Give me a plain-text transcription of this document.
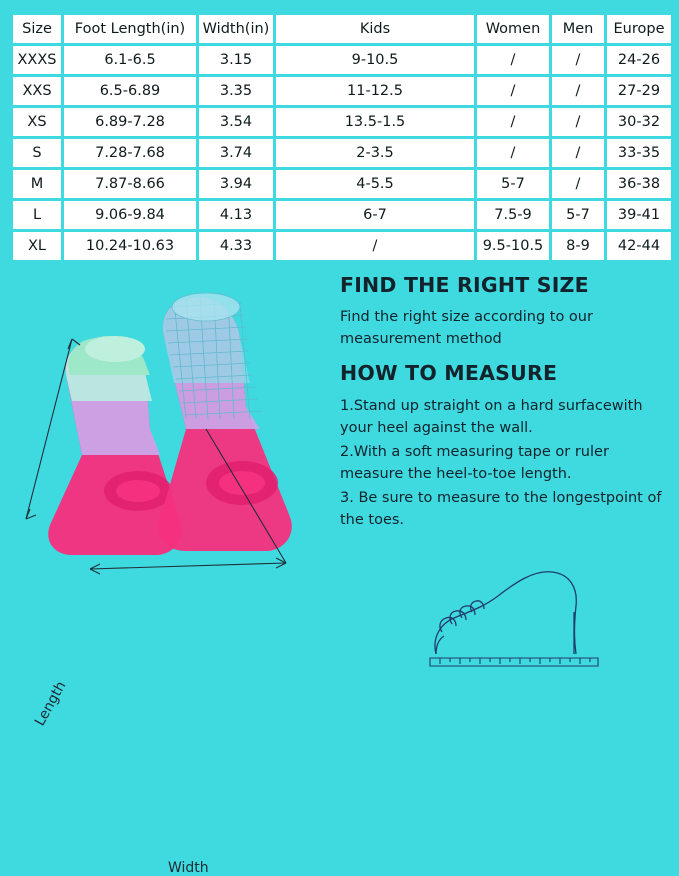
Size	Foot Length(in)	Width(in)	Kids	Women	Men	Europe
XXXS	6.1-6.5	3.15	9-10.5	/	/	24-26
XXS	6.5-6.89	3.35	11-12.5	/	/	27-29
XS	6.89-7.28	3.54	13.5-1.5	/	/	30-32
S	7.28-7.68	3.74	2-3.5	/	/	33-35
M	7.87-8.66	3.94	4-5.5	5-7	/	36-38
L	9.06-9.84	4.13	6-7	7.5-9	5-7	39-41
XL	10.24-10.63	4.33	/	9.5-10.5	8-9	42-44
Length
Width
FIND THE RIGHT SIZE

Find the right size according to our measurement method

HOW TO MEASURE

1.Stand up straight on a hard surfacewith your heel against the wall.

2.With a soft measuring tape or ruler measure the heel-to-toe length.

3. Be sure to measure to the longestpoint of the toes.
